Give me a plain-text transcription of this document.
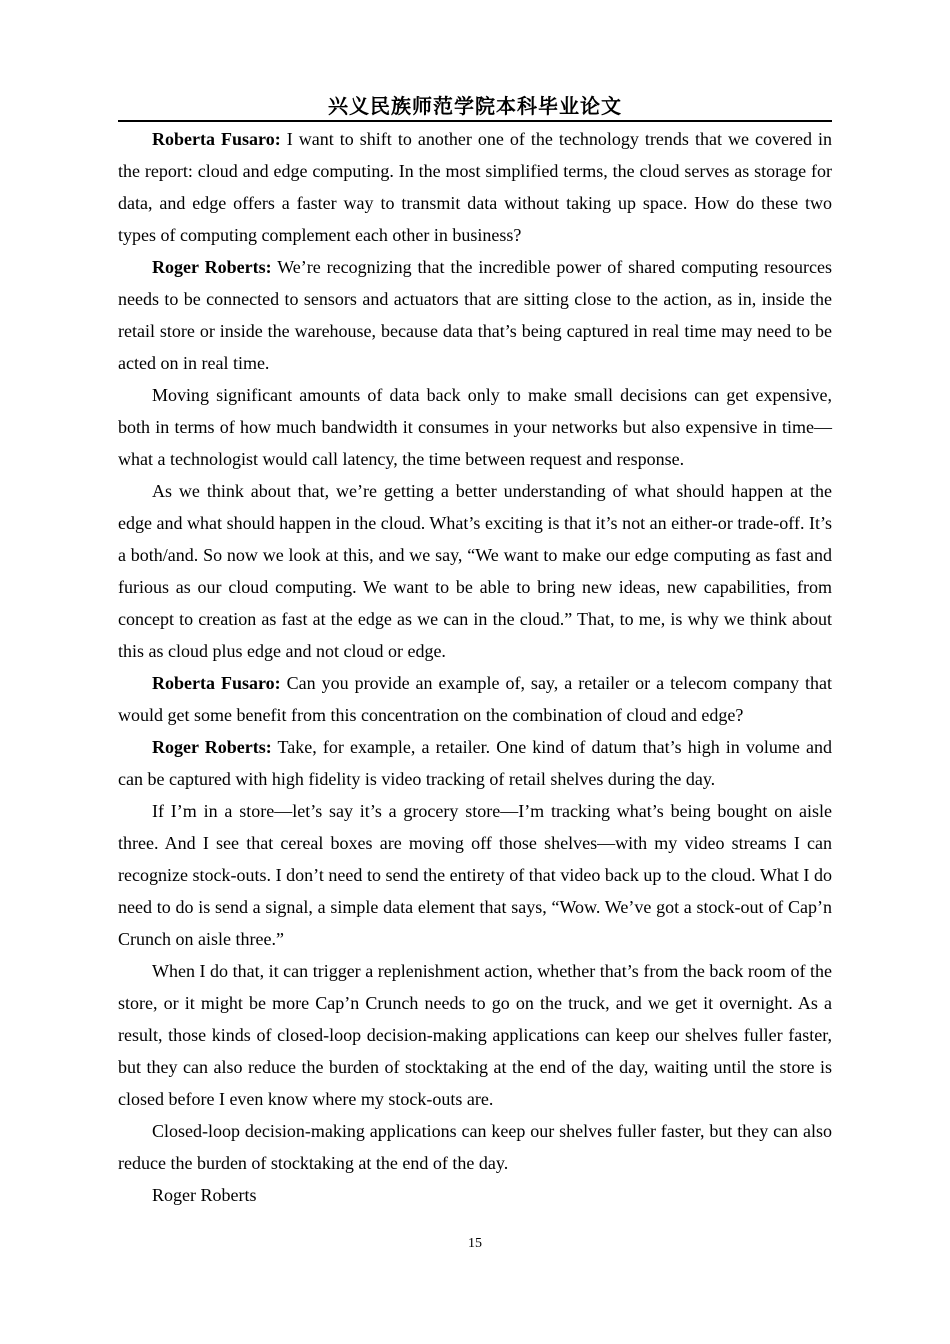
兴义民族师范学院本科毕业论文

Roberta Fusaro: I want to shift to another one of the technology trends that we covered in the report: cloud and edge computing. In the most simplified terms, the cloud serves as storage for data, and edge offers a faster way to transmit data without taking up space. How do these two types of computing complement each other in business?

Roger Roberts: We’re recognizing that the incredible power of shared computing resources needs to be connected to sensors and actuators that are sitting close to the action, as in, inside the retail store or inside the warehouse, because data that’s being captured in real time may need to be acted on in real time.

Moving significant amounts of data back only to make small decisions can get expensive, both in terms of how much bandwidth it consumes in your networks but also expensive in time—what a technologist would call latency, the time between request and response.

As we think about that, we’re getting a better understanding of what should happen at the edge and what should happen in the cloud. What’s exciting is that it’s not an either-or trade-off. It’s a both/and. So now we look at this, and we say, “We want to make our edge computing as fast and furious as our cloud computing. We want to be able to bring new ideas, new capabilities, from concept to creation as fast at the edge as we can in the cloud.” That, to me, is why we think about this as cloud plus edge and not cloud or edge.

Roberta Fusaro: Can you provide an example of, say, a retailer or a telecom company that would get some benefit from this concentration on the combination of cloud and edge?

Roger Roberts: Take, for example, a retailer. One kind of datum that’s high in volume and can be captured with high fidelity is video tracking of retail shelves during the day.

If I’m in a store—let’s say it’s a grocery store—I’m tracking what’s being bought on aisle three. And I see that cereal boxes are moving off those shelves—with my video streams I can recognize stock-outs. I don’t need to send the entirety of that video back up to the cloud. What I do need to do is send a signal, a simple data element that says, “Wow. We’ve got a stock-out of Cap’n Crunch on aisle three.”

When I do that, it can trigger a replenishment action, whether that’s from the back room of the store, or it might be more Cap’n Crunch needs to go on the truck, and we get it overnight. As a result, those kinds of closed-loop decision-making applications can keep our shelves fuller faster, but they can also reduce the burden of stocktaking at the end of the day, waiting until the store is closed before I even know where my stock-outs are.

Closed-loop decision-making applications can keep our shelves fuller faster, but they can also reduce the burden of stocktaking at the end of the day.

Roger Roberts

15
